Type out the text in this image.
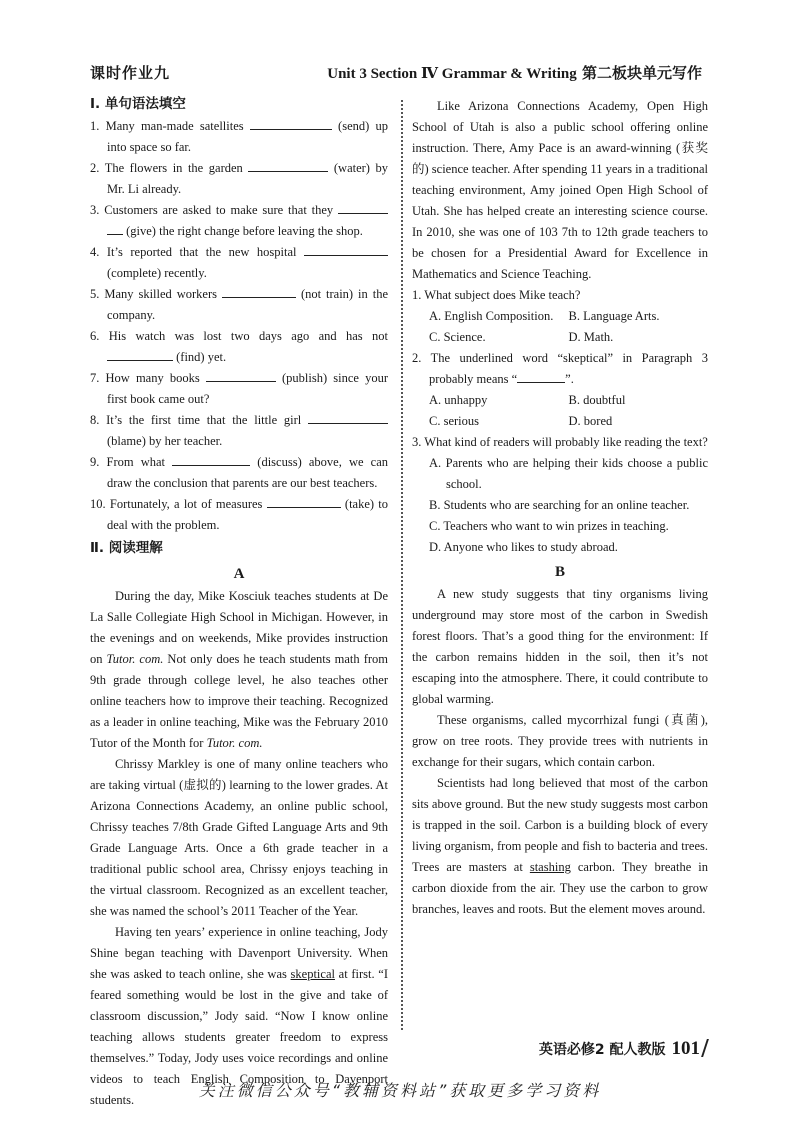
课时作业九	Unit 3 Section Ⅳ Grammar & Writing 第二板块单元写作

Ⅰ. 单句语法填空

1. Many man-made satellites	(send) up into space so far.

2. The flowers in the garden	(water) by Mr. Li already.

3. Customers are asked to make sure that they   (give) the right change before leaving the shop.

4. It’s reported that the new hospital  (complete) recently.

5. Many skilled workers	(not train) in the company.

6. His watch was lost two days ago and has not  (find) yet.

7. How many books	(publish) since your first book came out?

8. It’s the first time that the little girl  (blame) by her teacher.

9. From what	(discuss) above, we can draw the conclusion that parents are our best teachers.

10. Fortunately, a lot of measures	(take) to deal with the problem.

Ⅱ. 阅读理解

A

During the day, Mike Kosciuk teaches students at De La Salle Collegiate High School in Michigan. However, in the evenings and on weekends, Mike provides instruction on Tutor. com. Not only does he teach students math from 9th grade through college level, he also teaches other online teachers how to improve their teaching. Recognized as a leader in online teaching, Mike was the February 2010 Tutor of the Month for Tutor. com.

Chrissy Markley is one of many online teachers who are taking virtual (虚拟的) learning to the lower grades. At Arizona Connections Academy, an online public school, Chrissy teaches 7/8th Grade Gifted Language Arts and 9th Grade Language Arts. Once a 6th grade teacher in a traditional public school area, Chrissy enjoys teaching in the virtual classroom. Recognized as an excellent teacher, she was named the school’s 2011 Teacher of the Year.

Having ten years’ experience in online teaching, Jody Shine began teaching with Davenport University. When she was asked to teach online, she was skeptical at first. “I feared something would be lost in the give and take of classroom discussion,” Jody said. “Now I know online teaching allows students greater freedom to express themselves.” Today, Jody uses voice recordings and online videos to teach English Composition to Davenport students.

Like Arizona Connections Academy, Open High School of Utah is also a public school offering online instruction. There, Amy Pace is an award-winning (获奖的) science teacher. After spending 11 years in a traditional teaching environment, Amy joined Open High School of Utah. She has helped create an interesting science course. In 2010, she was one of 103 7th to 12th grade teachers to be chosen for a Presidential Award for Excellence in Mathematics and Science Teaching.

1. What subject does Mike teach?

A. English Composition.	B. Language Arts.
C. Science.	D. Math.

2. The underlined word “skeptical” in Paragraph 3 probably means “	”.

A. unhappy	B. doubtful
C. serious	D. bored

3. What kind of readers will probably like reading the text?

A. Parents who are helping their kids choose a public school.

B. Students who are searching for an online teacher.

C. Teachers who want to win prizes in teaching.

D. Anyone who likes to study abroad.

B

A new study suggests that tiny organisms living underground may store most of the carbon in Swedish forest floors. That’s a good thing for the environment: If the carbon remains hidden in the soil, then it’s not escaping into the atmosphere. There, it could contribute to global warming.

These organisms, called mycorrhizal fungi (真菌), grow on tree roots. They provide trees with nutrients in exchange for their sugars, which contain carbon.

Scientists had long believed that most of the carbon sits above ground. But the new study suggests most carbon is trapped in the soil. Carbon is a building block of every living organism, from people and fish to bacteria and trees. Trees are masters at stashing carbon. They breathe in carbon dioxide from the air. They use the carbon to grow branches, leaves and roots. But the element moves around.

英语必修2 配人教版 101
关注微信公众号“教辅资料站”获取更多学习资料
